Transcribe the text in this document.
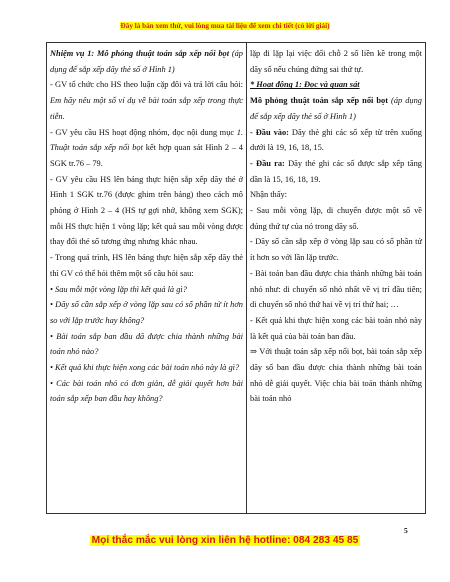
Đây là bản xem thử, vui lòng mua tài liệu để xem chi tiết (có lời giải)
Nhiệm vụ 1: Mô phỏng thuật toán sắp xếp nổi bọt (áp dụng để sắp xếp dãy thẻ số ở Hình 1)
- GV tổ chức cho HS theo luận cặp đôi và trả lời câu hỏi: Em hãy nêu một số ví dụ về bài toán sắp xếp trong thực tiễn.
- GV yêu cầu HS hoạt động nhóm, đọc nội dung mục 1. Thuật toán sắp xếp nổi bọt kết hợp quan sát Hình 2 – 4 SGK tr.76 – 79.
- GV yêu cầu HS lên bảng thực hiện sắp xếp dãy thẻ ở Hình 1 SGK tr.76 (được ghim trên bảng) theo cách mô phỏng ở Hình 2 – 4 (HS tự gợi nhớ, không xem SGK); mỗi HS thực hiện 1 vòng lặp; kết quả sau mỗi vòng được thay đổi thẻ số tương ứng nhưng khác nhau.
- Trong quá trình, HS lên bảng thực hiện sắp xếp dãy thẻ thì GV có thể hỏi thêm một số câu hỏi sau:
• Sau mỗi một vòng lặp thì kết quả là gì?
• Dãy số cần sắp xếp ở vòng lặp sau có số phần tử ít hơn so với lặp trước hay không?
• Bài toán sắp ban đầu đã được chia thành những bài toán nhỏ nào?
• Kết quả khi thực hiện xong các bài toán nhỏ này là gì?
• Các bài toán nhỏ có đơn giản, dễ giải quyết hơn bài toán sắp xếp ban đầu hay không?

lặp đi lặp lại việc đổi chỗ 2 số liền kề trong một dãy số nếu chúng đứng sai thứ tự.
* Hoạt động 1: Đọc và quan sát
Mô phỏng thuật toán sắp xếp nổi bọt (áp dụng để sắp xếp dãy thẻ số ở Hình 1)
- Đầu vào: Dãy thẻ ghi các số xếp từ trên xuống dưới là 19, 16, 18, 15.
- Đầu ra: Dãy thẻ ghi các số được sắp xếp tăng dần là 15, 16, 18, 19.
Nhận thấy:
- Sau mỗi vòng lặp, di chuyển được một số về đúng thứ tự của nó trong dãy số.
- Dãy số cần sắp xếp ở vòng lặp sau có số phần tử ít hơn so với lần lặp trước.
- Bài toán ban đầu được chia thành những bài toán nhỏ như: di chuyển số nhỏ nhất về vị trí đầu tiên; di chuyển số nhỏ thứ hai về vị trí thứ hai; …
- Kết quả khi thực hiện xong các bài toán nhỏ này là kết quả của bài toán ban đầu.
⇒ Với thuật toán sắp xếp nổi bọt, bài toán sắp xếp dãy số ban đầu được chia thành những bài toán nhỏ dễ giải quyết. Việc chia bài toán thành những bài toán nhỏ
5
Mọi thắc mắc vui lòng xin liên hệ hotline: 084 283 45 85
